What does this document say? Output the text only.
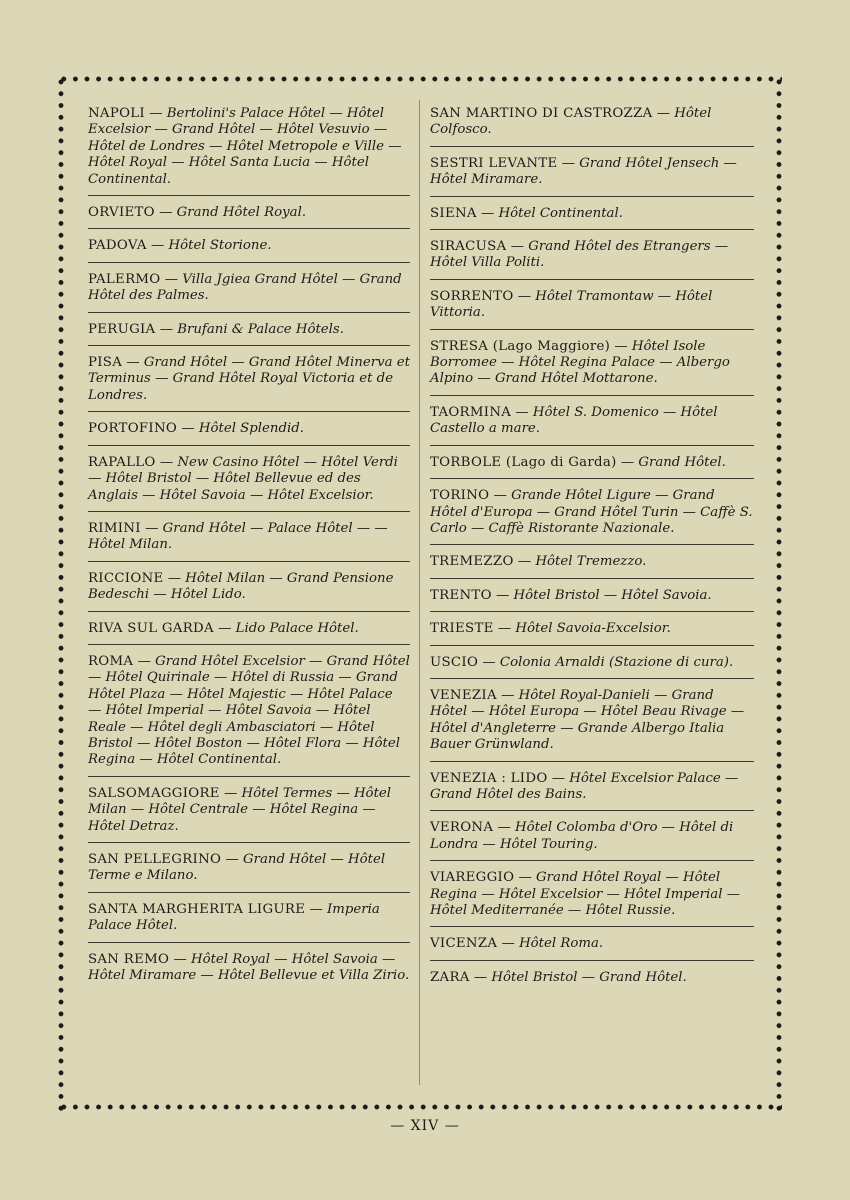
NAPOLI — Bertolini's Palace Hôtel — Hôtel Excelsior — Grand Hôtel — Hôtel Vesuvio — Hôtel de Londres — Hôtel Metropole e Ville — Hôtel Royal — Hôtel Santa Lucia — Hôtel Continental.
ORVIETO — Grand Hôtel Royal.
PADOVA — Hôtel Storione.
PALERMO — Villa Jgiea Grand Hôtel — Grand Hôtel des Palmes.
PERUGIA — Brufani & Palace Hôtels.
PISA — Grand Hôtel — Grand Hôtel Minerva et Terminus — Grand Hôtel Royal Victoria et de Londres.
PORTOFINO — Hôtel Splendid.
RAPALLO — New Casino Hôtel — Hôtel Verdi — Hôtel Bristol — Hôtel Bellevue ed des Anglais — Hôtel Savoia — Hôtel Excelsior.
RIMINI — Grand Hôtel — Palace Hôtel — — Hôtel Milan.
RICCIONE — Hôtel Milan — Grand Pensione Bedeschi — Hôtel Lido.
RIVA SUL GARDA — Lido Palace Hôtel.
ROMA — Grand Hôtel Excelsior — Grand Hôtel — Hôtel Quirinale — Hôtel di Russia — Grand Hôtel Plaza — Hôtel Majestic — Hôtel Palace — Hôtel Imperial — Hôtel Savoia — Hôtel Reale — Hôtel degli Ambasciatori — Hôtel Bristol — Hôtel Boston — Hôtel Flora — Hôtel Regina — Hôtel Continental.
SALSOMAGGIORE — Hôtel Termes — Hôtel Milan — Hôtel Centrale — Hôtel Regina — Hôtel Detraz.
SAN PELLEGRINO — Grand Hôtel — Hôtel Terme e Milano.
SANTA MARGHERITA LIGURE — Imperia Palace Hôtel.
SAN REMO — Hôtel Royal — Hôtel Savoia — Hôtel Miramare — Hôtel Bellevue et Villa Zirio.
SAN MARTINO DI CASTROZZA — Hôtel Colfosco.
SESTRI LEVANTE — Grand Hôtel Jensech — Hôtel Miramare.
SIENA — Hôtel Continental.
SIRACUSA — Grand Hôtel des Etrangers — Hôtel Villa Politi.
SORRENTO — Hôtel Tramontaw — Hôtel Vittoria.
STRESA (Lago Maggiore) — Hôtel Isole Borromee — Hôtel Regina Palace — Albergo Alpino — Grand Hôtel Mottarone.
TAORMINA — Hôtel S. Domenico — Hôtel Castello a mare.
TORBOLE (Lago di Garda) — Grand Hôtel.
TORINO — Grande Hôtel Ligure — Grand Hôtel d'Europa — Grand Hôtel Turin — Caffè S. Carlo — Caffè Ristorante Nazionale.
TREMEZZO — Hôtel Tremezzo.
TRENTO — Hôtel Bristol — Hôtel Savoia.
TRIESTE — Hôtel Savoia-Excelsior.
USCIO — Colonia Arnaldi (Stazione di cura).
VENEZIA — Hôtel Royal-Danieli — Grand Hôtel — Hôtel Europa — Hôtel Beau Rivage — Hôtel d'Angleterre — Grande Albergo Italia Bauer Grünwland.
VENEZIA : LIDO — Hôtel Excelsior Palace — Grand Hôtel des Bains.
VERONA — Hôtel Colomba d'Oro — Hôtel di Londra — Hôtel Touring.
VIAREGGIO — Grand Hôtel Royal — Hôtel Regina — Hôtel Excelsior — Hôtel Imperial — Hôtel Mediterranée — Hôtel Russie.
VICENZA — Hôtel Roma.
ZARA — Hôtel Bristol — Grand Hôtel.
— XIV —
